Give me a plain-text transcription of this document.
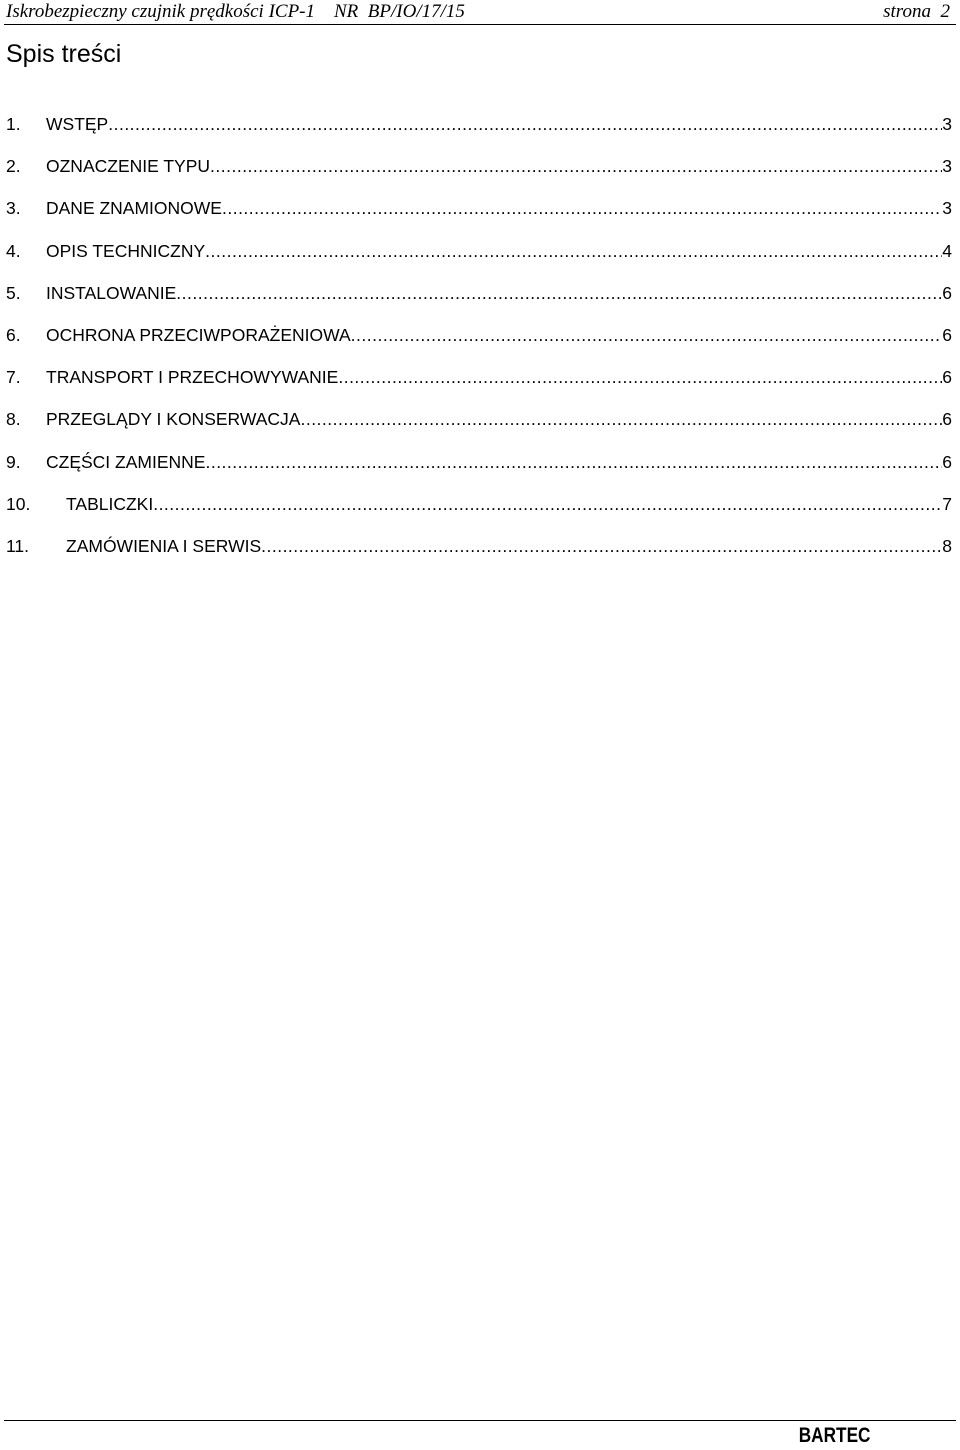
Iskrobezpieczny czujnik prędkości ICP-1    NR  BP/IO/17/15	strona  2
Spis treści
1.	WSTĘP .....	3
2.	OZNACZENIE TYPU .....	3
3.	DANE ZNAMIONOWE .....	3
4.	OPIS TECHNICZNY .....	4
5.	INSTALOWANIE .....	6
6.	OCHRONA PRZECIWPORAŻENIOWA .....	6
7.	TRANSPORT I PRZECHOWYWANIE .....	6
8.	PRZEGLĄDY I KONSERWACJA .....	6
9.	CZĘŚCI ZAMIENNE .....	6
10.	TABLICZKI .....	7
11.	ZAMÓWIENIA I SERWIS .....	8
BARTEC
